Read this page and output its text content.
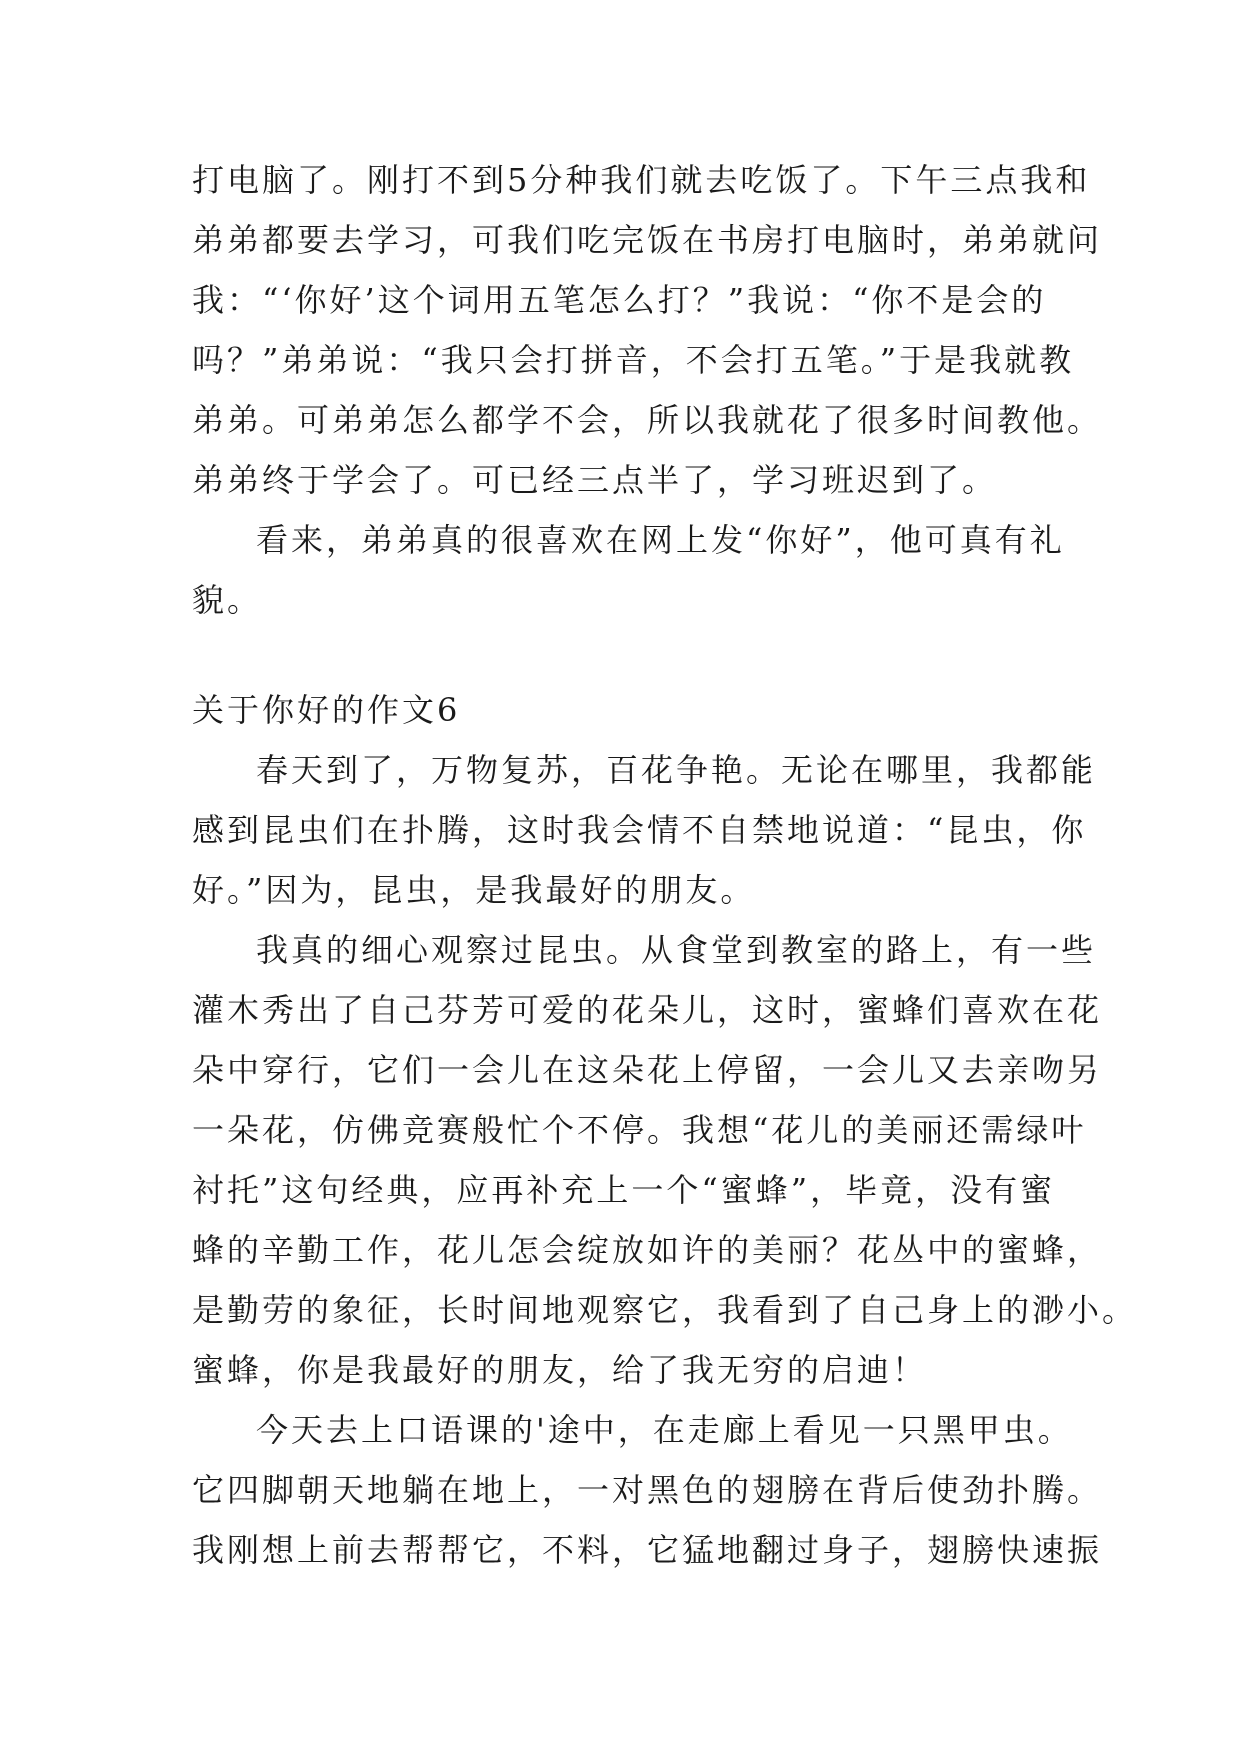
打电脑了。刚打不到5分种我们就去吃饭了。下午三点我和
弟弟都要去学习，可我们吃完饭在书房打电脑时，弟弟就问
我：“‘你好’这个词用五笔怎么打？”我说：“你不是会的
吗？”弟弟说：“我只会打拼音，不会打五笔。”于是我就教
弟弟。可弟弟怎么都学不会，所以我就花了很多时间教他。
弟弟终于学会了。可已经三点半了，学习班迟到了。
看来，弟弟真的很喜欢在网上发“你好”，他可真有礼
貌。
关于你好的作文6
春天到了，万物复苏，百花争艳。无论在哪里，我都能
感到昆虫们在扑腾，这时我会情不自禁地说道：“昆虫，你
好。”因为，昆虫，是我最好的朋友。
我真的细心观察过昆虫。从食堂到教室的路上，有一些
灌木秀出了自己芬芳可爱的花朵儿，这时，蜜蜂们喜欢在花
朵中穿行，它们一会儿在这朵花上停留，一会儿又去亲吻另
一朵花，仿佛竞赛般忙个不停。我想“花儿的美丽还需绿叶
衬托”这句经典，应再补充上一个“蜜蜂”，毕竟，没有蜜
蜂的辛勤工作，花儿怎会绽放如许的美丽？花丛中的蜜蜂，
是勤劳的象征，长时间地观察它，我看到了自己身上的渺小。
蜜蜂，你是我最好的朋友，给了我无穷的启迪！
今天去上口语课的'途中，在走廊上看见一只黑甲虫。
它四脚朝天地躺在地上，一对黑色的翅膀在背后使劲扑腾。
我刚想上前去帮帮它，不料，它猛地翻过身子，翅膀快速振
